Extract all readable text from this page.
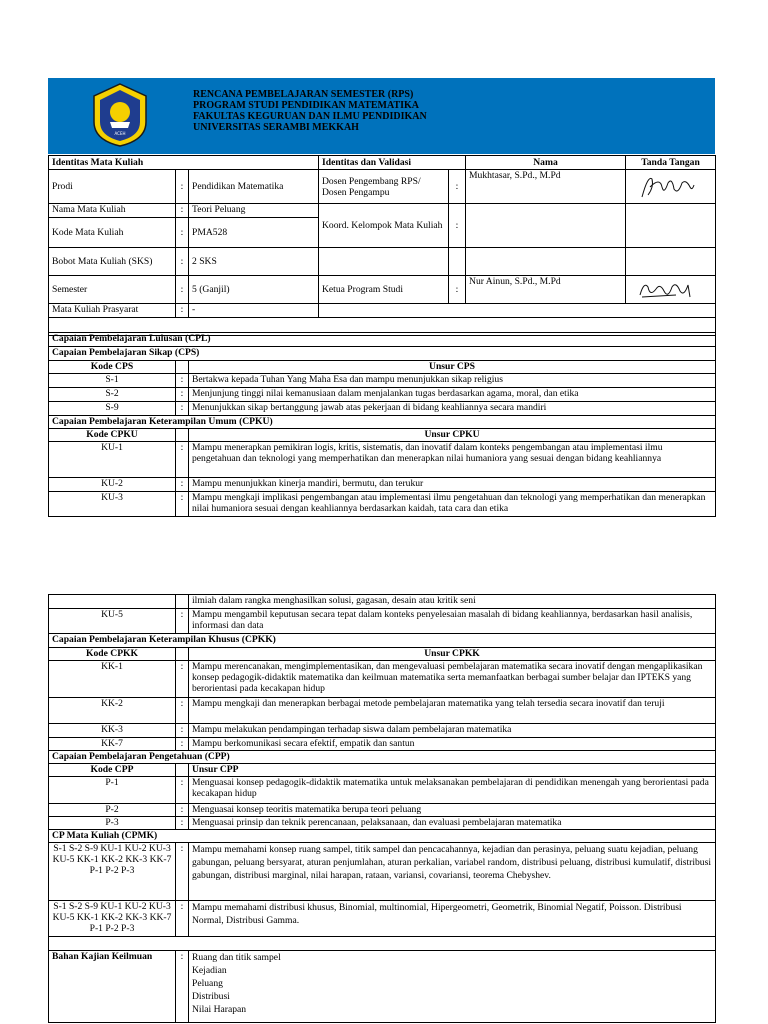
ACEH
RENCANA PEMBELAJARAN SEMESTER (RPS)
PROGRAM STUDI PENDIDIKAN MATEMATIKA
FAKULTAS KEGURUAN DAN ILMU PENDIDIKAN
UNIVERSITAS SERAMBI MEKKAH
Identitas Mata Kuliah			Identitas dan Validasi		Nama	Tanda Tangan
Prodi	:	Pendidikan Matematika	Dosen Pengembang RPS/ Dosen Pengampu	:	Mukhtasar, S.Pd., M.Pd	

Nama Mata Kuliah	:	Teori Peluang	Koord. Kelompok Mata Kuliah	:		
Kode Mata Kuliah	:	PMA528				
Bobot Mata Kuliah (SKS)	:	2 SKS				
Semester	:	5 (Ganjil)	Ketua Program Studi	:	Nur Ainun, S.Pd., M.Pd	

Mata Kuliah Prasyarat	:	-				

Capaian Pembelajaran Lulusan (CPL)		
Capaian Pembelajaran Sikap (CPS)		
Kode CPS		Unsur CPS
S-1	:	Bertakwa kepada Tuhan Yang Maha Esa dan mampu menunjukkan sikap religius
S-2	:	Menjunjung tinggi nilai kemanusiaan dalam menjalankan tugas berdasarkan agama, moral, dan etika
S-9	:	Menunjukkan sikap bertanggung jawab atas pekerjaan di bidang keahliannya secara mandiri
Capaian Pembelajaran Keterampilan Umum (CPKU)		
Kode CPKU		Unsur CPKU
KU-1	:	Mampu menerapkan pemikiran logis, kritis, sistematis, dan inovatif dalam konteks pengembangan atau implementasi ilmu pengetahuan dan teknologi yang memperhatikan dan menerapkan nilai humaniora yang sesuai dengan bidang keahliannya
KU-2	:	Mampu menunjukkan kinerja mandiri, bermutu, dan terukur
KU-3	:	Mampu mengkaji implikasi pengembangan atau implementasi ilmu pengetahuan dan teknologi yang memperhatikan dan menerapkan nilai humaniora sesuai dengan keahliannya berdasarkan kaidah, tata cara dan etika
		ilmiah dalam rangka menghasilkan solusi, gagasan, desain atau kritik seni
KU-5	:	Mampu mengambil keputusan secara tepat dalam konteks penyelesaian masalah di bidang keahliannya, berdasarkan hasil analisis, informasi dan data
Capaian Pembelajaran Keterampilan Khusus (CPKK)		
Kode CPKK		Unsur CPKK
KK-1	:	Mampu merencanakan, mengimplementasikan, dan mengevaluasi pembelajaran matematika secara inovatif dengan mengaplikasikan konsep pedagogik-didaktik matematika dan keilmuan matematika serta memanfaatkan berbagai sumber belajar dan IPTEKS yang berorientasi pada kecakapan hidup
KK-2	:	Mampu mengkaji dan menerapkan berbagai metode pembelajaran matematika yang telah tersedia secara inovatif dan teruji
KK-3	:	Mampu melakukan pendampingan terhadap siswa dalam pembelajaran matematika
KK-7	:	Mampu berkomunikasi secara efektif, empatik dan santun
Capaian Pembelajaran Pengetahuan (CPP)		
Kode CPP		Unsur CPP
P-1	:	Menguasai konsep pedagogik-didaktik matematika untuk melaksanakan pembelajaran di pendidikan menengah yang berorientasi pada kecakapan hidup
P-2	:	Menguasai konsep teoritis matematika berupa teori peluang
P-3	:	Menguasai prinsip dan teknik perencanaan, pelaksanaan, dan evaluasi pembelajaran matematika
CP Mata Kuliah (CPMK)		
S-1 S-2 S-9 KU-1 KU-2 KU-3 KU-5 KK-1 KK-2 KK-3 KK-7 P-1 P-2 P-3	:	Mampu memahami konsep ruang sampel, titik sampel dan pencacahannya, kejadian dan perasinya, peluang suatu kejadian, peluang gabungan, peluang bersyarat, aturan penjumlahan, aturan perkalian, variabel random, distribusi peluang, distribusi kumulatif, distribusi gabungan, distribusi marginal, nilai harapan, rataan, variansi, covariansi, teorema Chebyshev.
S-1 S-2 S-9 KU-1 KU-2 KU-3 KU-5 KK-1 KK-2 KK-3 KK-7 P-1 P-2 P-3	:	Mampu memahami distribusi khusus, Binomial, multinomial, Hipergeometri, Geometrik, Binomial Negatif, Poisson. Distribusi Normal, Distribusi Gamma.

Bahan Kajian Keilmuan	:	Ruang dan titik sampel
Kejadian
Peluang
Distribusi
Nilai Harapan
